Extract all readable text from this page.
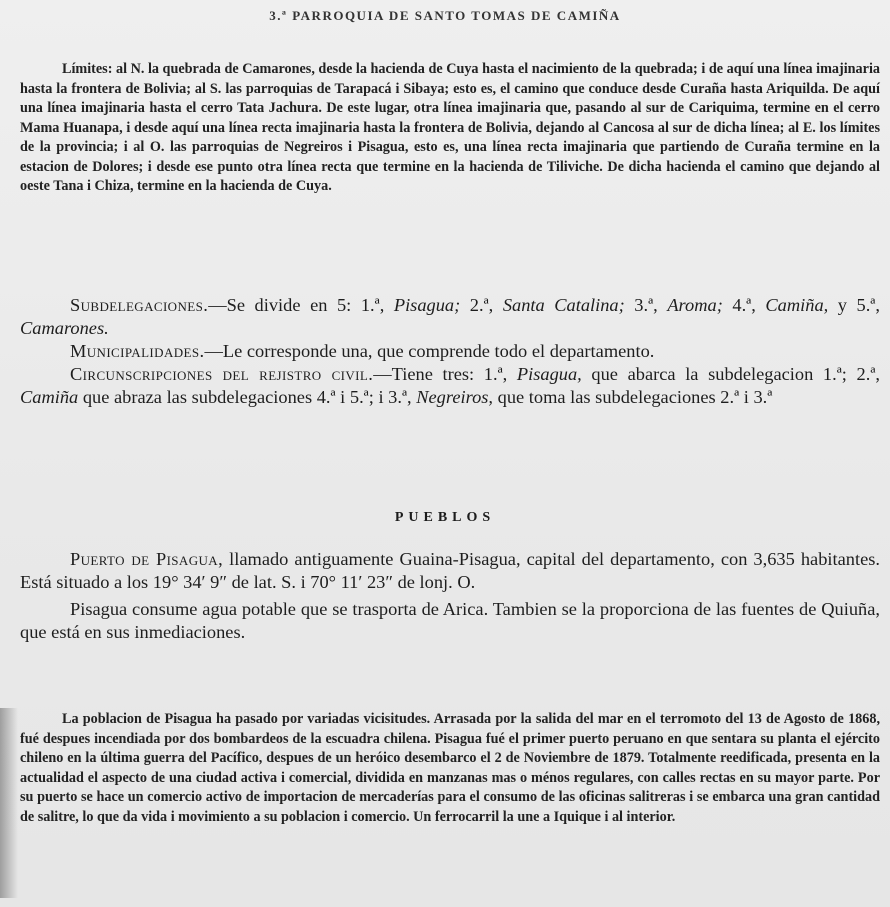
3.ª PARROQUIA DE SANTO TOMAS DE CAMIÑA

Límites: al N. la quebrada de Camarones, desde la hacienda de Cuya hasta el nacimiento de la quebrada; i de aquí una línea imajinaria hasta la frontera de Bolivia; al S. las parroquias de Tarapacá i Sibaya; esto es, el camino que conduce desde Curaña hasta Ariquilda. De aquí una línea imajinaria hasta el cerro Tata Jachura. De este lugar, otra línea imajinaria que, pasando al sur de Cariquima, termine en el cerro Mama Huanapa, i desde aquí una línea recta imajinaria hasta la frontera de Bolivia, dejando al Cancosa al sur de dicha línea; al E. los límites de la provincia; i al O. las parroquias de Negreiros i Pisagua, esto es, una línea recta imajinaria que partiendo de Curaña termine en la estacion de Dolores; i desde ese punto otra línea recta que termine en la hacienda de Tiliviche. De dicha hacienda el camino que dejando al oeste Tana i Chiza, termine en la hacienda de Cuya.

Subdelegaciones.—Se divide en 5: 1.ª, Pisagua; 2.ª, Santa Catalina; 3.ª, Aroma; 4.ª, Camiña, y 5.ª, Camarones.

Municipalidades.—Le corresponde una, que comprende todo el departamento.

Circunscripciones del rejistro civil.—Tiene tres: 1.ª, Pisagua, que abarca la subdelegacion 1.ª; 2.ª, Camiña que abraza las subdelegaciones 4.ª i 5.ª; i 3.ª, Negreiros, que toma las subdelegaciones 2.ª i 3.ª

PUEBLOS

Puerto de Pisagua, llamado antiguamente Guaina-Pisagua, capital del departamento, con 3,635 habitantes. Está situado a los 19° 34′ 9″ de lat. S. i 70° 11′ 23″ de lonj. O.

Pisagua consume agua potable que se trasporta de Arica. Tambien se la proporciona de las fuentes de Quiuña, que está en sus inmediaciones.

La poblacion de Pisagua ha pasado por variadas vicisitudes. Arrasada por la salida del mar en el terromoto del 13 de Agosto de 1868, fué despues incendiada por dos bombardeos de la escuadra chilena. Pisagua fué el primer puerto peruano en que sentara su planta el ejército chileno en la última guerra del Pacífico, despues de un heróico desembarco el 2 de Noviembre de 1879. Totalmente reedificada, presenta en la actualidad el aspecto de una ciudad activa i comercial, dividida en manzanas mas o ménos regulares, con calles rectas en su mayor parte. Por su puerto se hace un comercio activo de importacion de mercaderías para el consumo de las oficinas salitreras i se embarca una gran cantidad de salitre, lo que da vida i movimiento a su poblacion i comercio. Un ferrocarril la une a Iquique i al interior.
